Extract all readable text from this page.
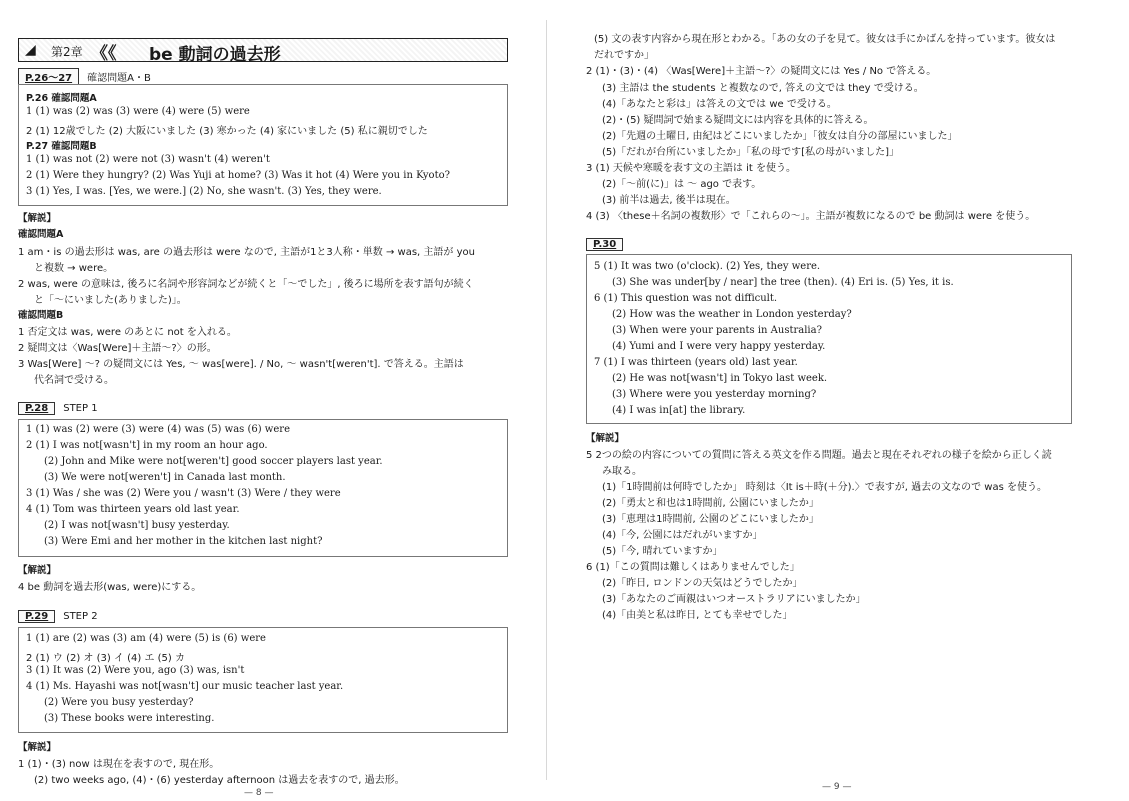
◢ 第2章 《《 be 動詞の過去形
P.26〜27 確認問題A・B
P.26 確認問題A
1 (1) was (2) was (3) were (4) were (5) were
2 (1) 12歳でした (2) 大阪にいました (3) 寒かった (4) 家にいました (5) 私に親切でした
P.27 確認問題B
1 (1) was not (2) were not (3) wasn't (4) weren't
2 (1) Were they hungry? (2) Was Yuji at home? (3) Was it hot (4) Were you in Kyoto?
3 (1) Yes, I was. [Yes, we were.] (2) No, she wasn't. (3) Yes, they were.
【解説】
確認問題A
1 am・is の過去形は was, are の過去形は were なので, 主語が1と3人称・単数 → was, 主語が you
と複数 → were。
2 was, were の意味は, 後ろに名詞や形容詞などが続くと「〜でした」, 後ろに場所を表す語句が続く
と「〜にいました(ありました)」。
確認問題B
1 否定文は was, were のあとに not を入れる。
2 疑問文は〈Was[Were]＋主語〜?〉の形。
3 Was[Were] 〜? の疑問文には Yes, 〜 was[were]. / No, 〜 wasn't[weren't]. で答える。主語は
代名詞で受ける。
P.28 STEP 1
1 (1) was (2) were (3) were (4) was (5) was (6) were
2 (1) I was not[wasn't] in my room an hour ago.
(2) John and Mike were not[weren't] good soccer players last year.
(3) We were not[weren't] in Canada last month.
3 (1) Was / she was (2) Were you / wasn't (3) Were / they were
4 (1) Tom was thirteen years old last year.
(2) I was not[wasn't] busy yesterday.
(3) Were Emi and her mother in the kitchen last night?
【解説】
4 be 動詞を過去形(was, were)にする。
P.29 STEP 2
1 (1) are (2) was (3) am (4) were (5) is (6) were
2 (1) ウ (2) オ (3) イ (4) エ (5) カ
3 (1) It was (2) Were you, ago (3) was, isn't
4 (1) Ms. Hayashi was not[wasn't] our music teacher last year.
(2) Were you busy yesterday?
(3) These books were interesting.
【解説】
1 (1)・(3) now は現在を表すので, 現在形。
(2) two weeks ago, (4)・(6) yesterday afternoon は過去を表すので, 過去形。
— 8 —
(5) 文の表す内容から現在形とわかる。「あの女の子を見て。彼女は手にかばんを持っています。彼女は
だれですか」
2 (1)・(3)・(4) 〈Was[Were]＋主語〜?〉の疑問文には Yes / No で答える。
(3) 主語は the students と複数なので, 答えの文では they で受ける。
(4)「あなたと彩は」は答えの文では we で受ける。
(2)・(5) 疑問詞で始まる疑問文には内容を具体的に答える。
(2)「先週の土曜日, 由紀はどこにいましたか」「彼女は自分の部屋にいました」
(5)「だれが台所にいましたか」「私の母です[私の母がいました]」
3 (1) 天候や寒暖を表す文の主語は it を使う。
(2)「〜前(に)」は 〜 ago で表す。
(3) 前半は過去, 後半は現在。
4 (3) 〈these＋名詞の複数形〉で「これらの〜」。主語が複数になるので be 動詞は were を使う。
P.30
5 (1) It was two (o'clock). (2) Yes, they were.
(3) She was under[by / near] the tree (then). (4) Eri is. (5) Yes, it is.
6 (1) This question was not difficult.
(2) How was the weather in London yesterday?
(3) When were your parents in Australia?
(4) Yumi and I were very happy yesterday.
7 (1) I was thirteen (years old) last year.
(2) He was not[wasn't] in Tokyo last week.
(3) Where were you yesterday morning?
(4) I was in[at] the library.
【解説】
5 2つの絵の内容についての質問に答える英文を作る問題。過去と現在それぞれの様子を絵から正しく読
み取る。
(1)「1時間前は何時でしたか」 時刻は〈It is＋時(＋分).〉で表すが, 過去の文なので was を使う。
(2)「勇太と和也は1時間前, 公園にいましたか」
(3)「恵理は1時間前, 公園のどこにいましたか」
(4)「今, 公園にはだれがいますか」
(5)「今, 晴れていますか」
6 (1)「この質問は難しくはありませんでした」
(2)「昨日, ロンドンの天気はどうでしたか」
(3)「あなたのご両親はいつオーストラリアにいましたか」
(4)「由美と私は昨日, とても幸せでした」
— 9 —
